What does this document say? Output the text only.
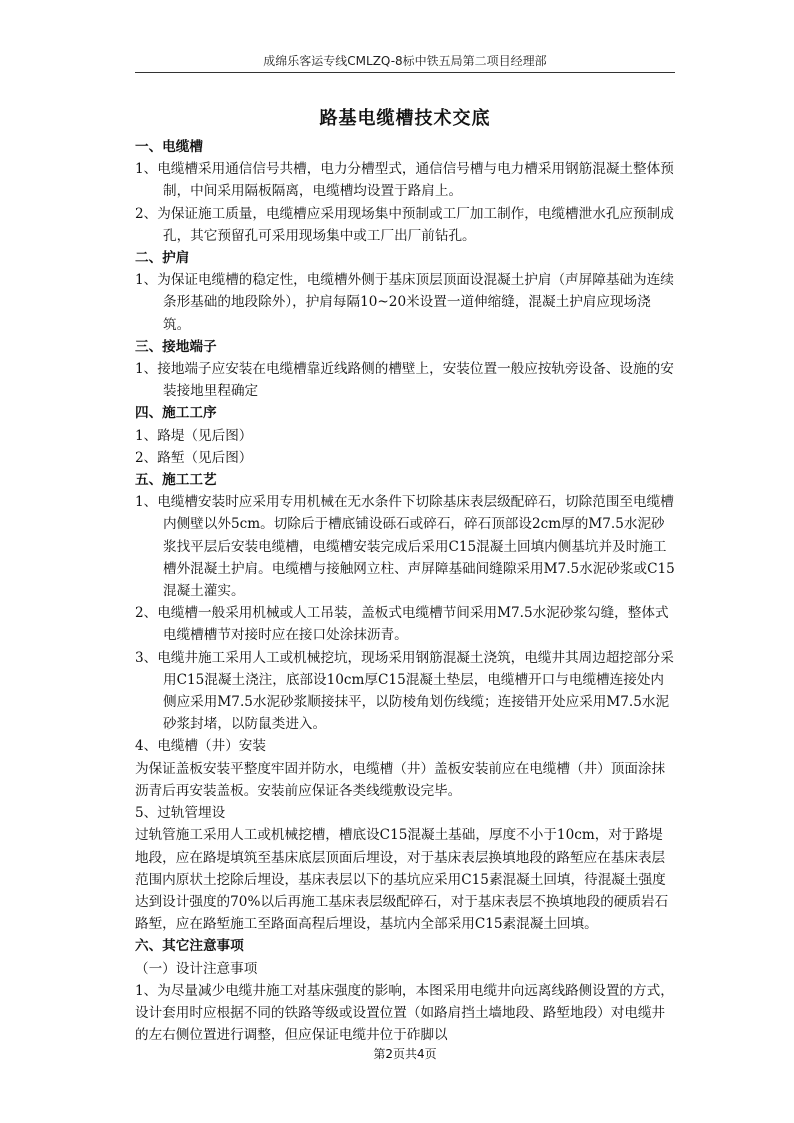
成绵乐客运专线CMLZQ-8标中铁五局第二项目经理部
路基电缆槽技术交底

一、电缆槽

1、电缆槽采用通信信号共槽，电力分槽型式，通信信号槽与电力槽采用钢筋混凝土整体预制，中间采用隔板隔离，电缆槽均设置于路肩上。

2、为保证施工质量，电缆槽应采用现场集中预制或工厂加工制作，电缆槽泄水孔应预制成孔，其它预留孔可采用现场集中或工厂出厂前钻孔。

二、护肩

1、为保证电缆槽的稳定性，电缆槽外侧于基床顶层顶面设混凝土护肩（声屏障基础为连续条形基础的地段除外），护肩每隔10~20米设置一道伸缩缝，混凝土护肩应现场浇筑。

三、接地端子

1、接地端子应安装在电缆槽靠近线路侧的槽壁上，安装位置一般应按轨旁设备、设施的安装接地里程确定

四、施工工序

1、路堤（见后图）

2、路堑（见后图）

五、施工工艺

1、电缆槽安装时应采用专用机械在无水条件下切除基床表层级配碎石，切除范围至电缆槽内侧壁以外5cm。切除后于槽底铺设砾石或碎石，碎石顶部设2cm厚的M7.5水泥砂浆找平层后安装电缆槽，电缆槽安装完成后采用C15混凝土回填内侧基坑并及时施工槽外混凝土护肩。电缆槽与接触网立柱、声屏障基础间缝隙采用M7.5水泥砂浆或C15混凝土灌实。

2、电缆槽一般采用机械或人工吊装，盖板式电缆槽节间采用M7.5水泥砂浆勾缝，整体式电缆槽槽节对接时应在接口处涂抹沥青。

3、电缆井施工采用人工或机械挖坑，现场采用钢筋混凝土浇筑，电缆井其周边超挖部分采用C15混凝土浇注，底部设10cm厚C15混凝土垫层，电缆槽开口与电缆槽连接处内侧应采用M7.5水泥砂浆顺接抹平，以防棱角划伤线缆；连接错开处应采用M7.5水泥砂浆封堵，以防鼠类进入。

4、电缆槽（井）安装

为保证盖板安装平整度牢固并防水，电缆槽（井）盖板安装前应在电缆槽（井）顶面涂抹沥青后再安装盖板。安装前应保证各类线缆敷设完毕。

5、过轨管埋设

过轨管施工采用人工或机械挖槽，槽底设C15混凝土基础，厚度不小于10cm，对于路堤地段，应在路堤填筑至基床底层顶面后埋设，对于基床表层换填地段的路堑应在基床表层范围内原状土挖除后埋设，基床表层以下的基坑应采用C15素混凝土回填，待混凝土强度达到设计强度的70%以后再施工基床表层级配碎石，对于基床表层不换填地段的硬质岩石路堑，应在路堑施工至路面高程后埋设，基坑内全部采用C15素混凝土回填。

六、其它注意事项

（一）设计注意事项

1、为尽量减少电缆井施工对基床强度的影响，本图采用电缆井向远离线路侧设置的方式，设计套用时应根据不同的铁路等级或设置位置（如路肩挡土墙地段、路堑地段）对电缆井的左右侧位置进行调整，但应保证电缆井位于砟脚以

第2页共4页
